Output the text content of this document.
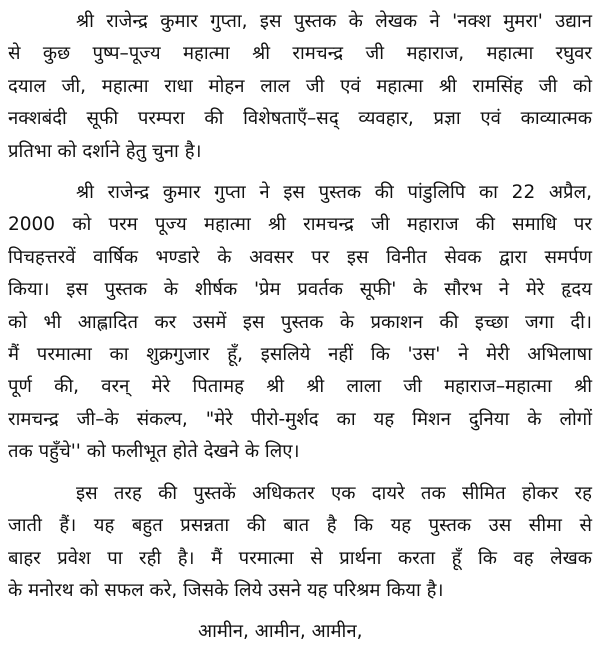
श्री राजेन्द्र कुमार गुप्ता, इस पुस्तक के लेखक ने 'नक्श मुमरा' उद्यान
से कुछ पुष्प–पूज्य महात्मा श्री रामचन्द्र जी महाराज, महात्मा रघुवर
दयाल जी, महात्मा राधा मोहन लाल जी एवं महात्मा श्री रामसिंह जी को
नक्शबंदी सूफी परम्परा की विशेषताएँ–सद् व्यवहार, प्रज्ञा एवं काव्यात्मक
प्रतिभा को दर्शाने हेतु चुना है।
श्री राजेन्द्र कुमार गुप्ता ने इस पुस्तक की पांडुलिपि का 22 अप्रैल,
2000 को परम पूज्य महात्मा श्री रामचन्द्र जी महाराज की समाधि पर
पिचहत्तरवें वार्षिक भण्डारे के अवसर पर इस विनीत सेवक द्वारा समर्पण
किया। इस पुस्तक के शीर्षक 'प्रेम प्रवर्तक सूफी' के सौरभ ने मेरे हृदय
को भी आह्लादित कर उसमें इस पुस्तक के प्रकाशन की इच्छा जगा दी।
मैं परमात्मा का शुक्रगुजार हूँ, इसलिये नहीं कि 'उस' ने मेरी अभिलाषा
पूर्ण की, वरन् मेरे पितामह श्री श्री लाला जी महाराज–महात्मा श्री
रामचन्द्र जी–के संकल्प, "मेरे पीरो-मुर्शद का यह मिशन दुनिया के लोगों
तक पहुँचे'' को फलीभूत होते देखने के लिए।
इस तरह की पुस्तकें अधिकतर एक दायरे तक सीमित होकर रह
जाती हैं। यह बहुत प्रसन्नता की बात है कि यह पुस्तक उस सीमा से
बाहर प्रवेश पा रही है। मैं परमात्मा से प्रार्थना करता हूँ कि वह लेखक
के मनोरथ को सफल करे, जिसके लिये उसने यह परिश्रम किया है।

आमीन, आमीन, आमीन,
